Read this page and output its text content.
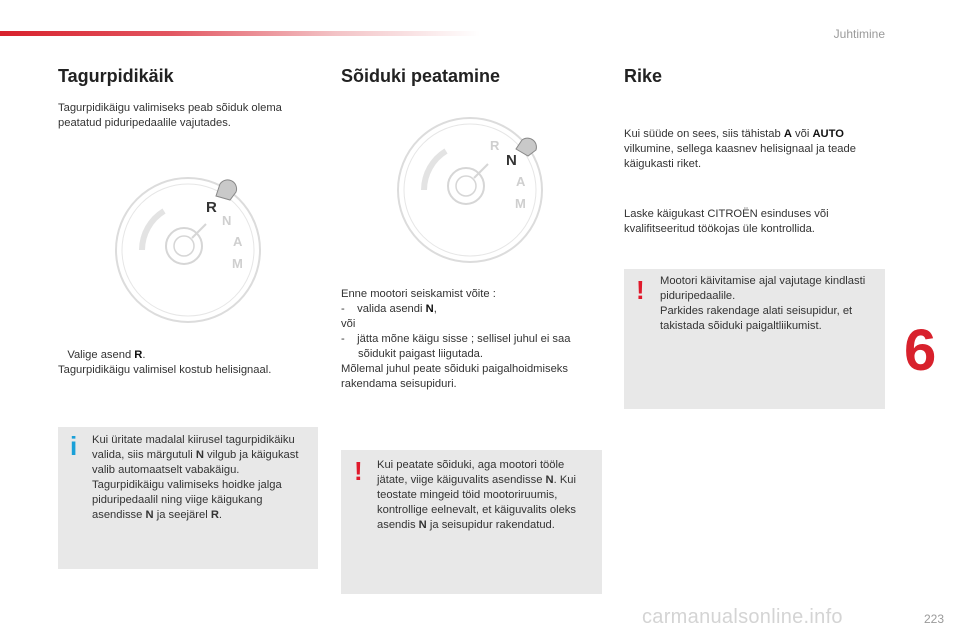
Juhtimine
6
223
carmanualsonline.info
Tagurpidikäik
Tagurpidikäigu valimiseks peab sõiduk olema peatatud piduripedaalile vajutades.
R
N
A
M
Valige asend R.
Tagurpidikäigu valimisel kostub helisignaal.
i Kui üritate madalal kiirusel tagurpidikäiku valida, siis märgutuli N vilgub ja käigukast valib automaatselt vabakäigu. Tagurpidikäigu valimiseks hoidke jalga piduripedaalil ning viige käigukang asendisse N ja seejärel R.
Sõiduki peatamine
R
N
A
M
Enne mootori seiskamist võite :

- valida asendi N,
või

- jätta mõne käigu sisse ; sellisel juhul ei saa sõidukit paigast liigutada.
Mõlemal juhul peate sõiduki paigalhoidmiseks rakendama seisupiduri.
! Kui peatate sõiduki, aga mootori tööle jätate, viige käiguvalits asendisse N. Kui teostate mingeid töid mootoriruumis, kontrollige eelnevalt, et käiguvalits oleks asendis N ja seisupidur rakendatud.
Rike
Kui süüde on sees, siis tähistab A või AUTO vilkumine, sellega kaasnev helisignaal ja teade käigukasti riket.
Laske käigukast CITROËN esinduses või kvalifitseeritud töökojas üle kontrollida.
! Mootori käivitamise ajal vajutage kindlasti piduripedaalile.
Parkides rakendage alati seisupidur, et takistada sõiduki paigaltliikumist.
